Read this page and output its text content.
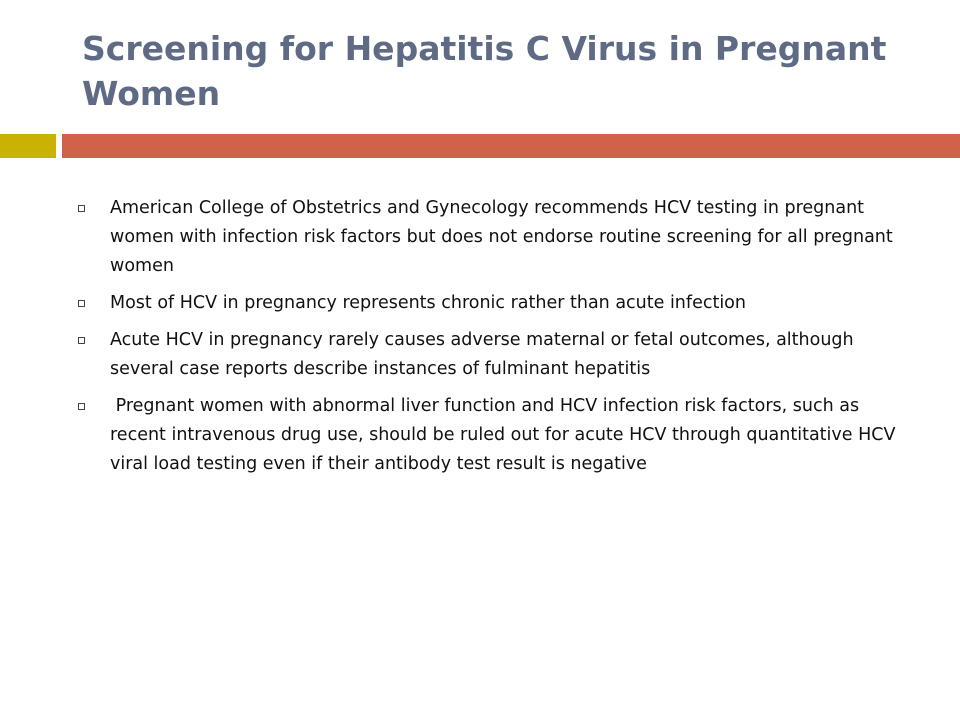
Screening for Hepatitis C Virus in Pregnant Women
American College of Obstetrics and Gynecology recommends HCV testing in pregnant women with infection risk factors but does not endorse routine screening for all pregnant women
Most of HCV in pregnancy represents chronic rather than acute infection
Acute HCV in pregnancy rarely causes adverse maternal or fetal outcomes, although several case reports describe instances of fulminant hepatitis
Pregnant women with abnormal liver function and HCV infection risk factors, such as recent intravenous drug use, should be ruled out for acute HCV through quantitative HCV viral load testing even if their antibody test result is negative
